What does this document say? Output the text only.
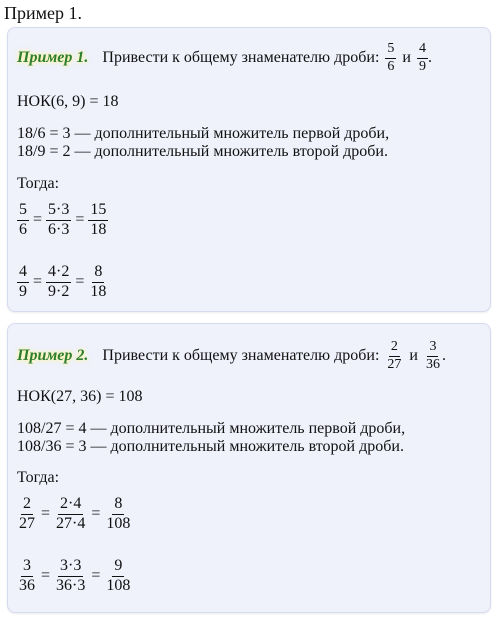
Пример 1.
Пример 1. Привести к общему знаменателю дроби: $\frac{5}{6}$ и $\frac{4}{9}$ .
НОК(6, 9) = 18
18/6 = 3 — дополнительный множитель первой дроби,
18/9 = 2 — дополнительный множитель второй дроби.
Тогда:
$\frac{5}{6} = \frac{5\cdot 3}{6\cdot 3} = \frac{15}{18}$
$\frac{4}{9} = \frac{4\cdot 2}{9\cdot 2} = \frac{8}{18}$
Пример 2. Привести к общему знаменателю дроби: $\frac{2}{27}$ и $\frac{3}{36}$ .
НОК(27, 36) = 108
108/27 = 4 — дополнительный множитель первой дроби,
108/36 = 3 — дополнительный множитель второй дроби.
Тогда:
$\frac{2}{27} = \frac{2\cdot 4}{27\cdot 4} = \frac{8}{108}$
$\frac{3}{36} = \frac{3\cdot 3}{36\cdot 3} = \frac{9}{108}$
